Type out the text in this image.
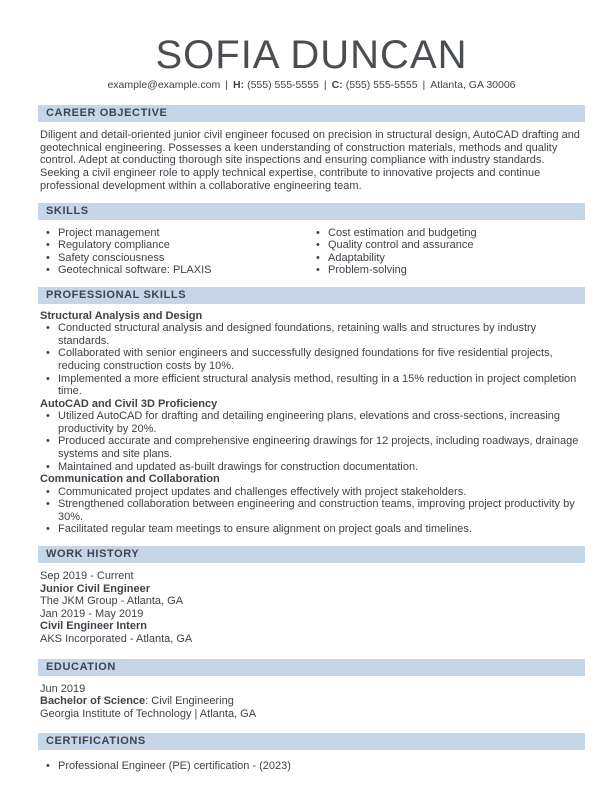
SOFIA DUNCAN
example@example.com | H: (555) 555-5555 | C: (555) 555-5555 | Atlanta, GA 30006
CAREER OBJECTIVE
Diligent and detail-oriented junior civil engineer focused on precision in structural design, AutoCAD drafting and geotechnical engineering. Possesses a keen understanding of construction materials, methods and quality control. Adept at conducting thorough site inspections and ensuring compliance with industry standards. Seeking a civil engineer role to apply technical expertise, contribute to innovative projects and continue professional development within a collaborative engineering team.
SKILLS
• Project management
• Regulatory compliance
• Safety consciousness
• Geotechnical software: PLAXIS
• Cost estimation and budgeting
• Quality control and assurance
• Adaptability
• Problem-solving
PROFESSIONAL SKILLS
Structural Analysis and Design
• Conducted structural analysis and designed foundations, retaining walls and structures by industry standards.
• Collaborated with senior engineers and successfully designed foundations for five residential projects, reducing construction costs by 10%.
• Implemented a more efficient structural analysis method, resulting in a 15% reduction in project completion time.
AutoCAD and Civil 3D Proficiency
• Utilized AutoCAD for drafting and detailing engineering plans, elevations and cross-sections, increasing productivity by 20%.
• Produced accurate and comprehensive engineering drawings for 12 projects, including roadways, drainage systems and site plans.
• Maintained and updated as-built drawings for construction documentation.
Communication and Collaboration
• Communicated project updates and challenges effectively with project stakeholders.
• Strengthened collaboration between engineering and construction teams, improving project productivity by 30%.
• Facilitated regular team meetings to ensure alignment on project goals and timelines.
WORK HISTORY
Sep 2019 - Current
Junior Civil Engineer
The JKM Group - Atlanta, GA
Jan 2019 - May 2019
Civil Engineer Intern
AKS Incorporated - Atlanta, GA
EDUCATION
Jun 2019
Bachelor of Science: Civil Engineering
Georgia Institute of Technology | Atlanta, GA
CERTIFICATIONS
• Professional Engineer (PE) certification - (2023)
